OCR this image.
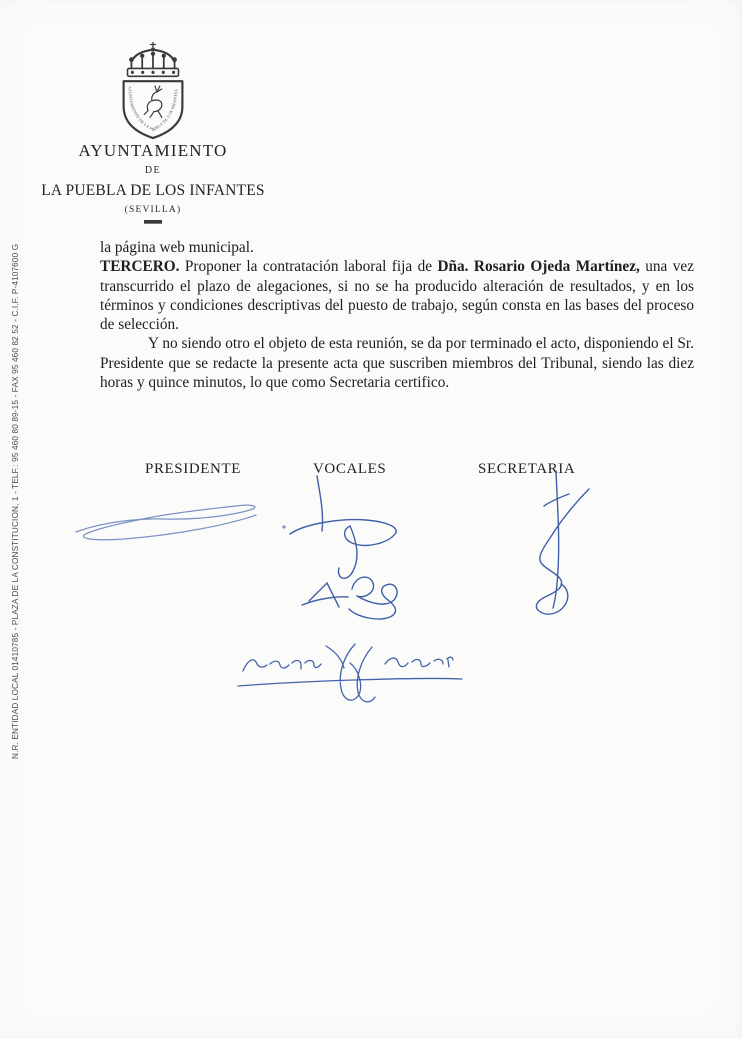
AYUNTAMIENTO DE LA PUEBLA DE LOS INFANTES
AYUNTAMIENTO
DE
LA PUEBLA DE LOS INFANTES
(SEVILLA)
N.R. ENTIDAD LOCAL 01410785 - PLAZA DE LA CONSTITUCION, 1 - TELF.: 95 460 80 89-15 - FAX 95 460 82 52 - C.I.F. P-4107600 G	la página web municipal.

TERCERO. Proponer la contratación laboral fija de Dña. Rosario Ojeda Martínez, una vez transcurrido el plazo de alegaciones, si no se ha producido alteración de resultados, y en los términos y condiciones descriptivas del puesto de trabajo, según consta en las bases del proceso de selección.

Y no siendo otro el objeto de esta reunión, se da por terminado el acto, disponiendo el Sr. Presidente que se redacte la presente acta que suscriben miembros del Tribunal, siendo las diez horas y quince minutos, lo que como Secretaria certifico.

PRESIDENTE	VOCALES	SECRETARIA
